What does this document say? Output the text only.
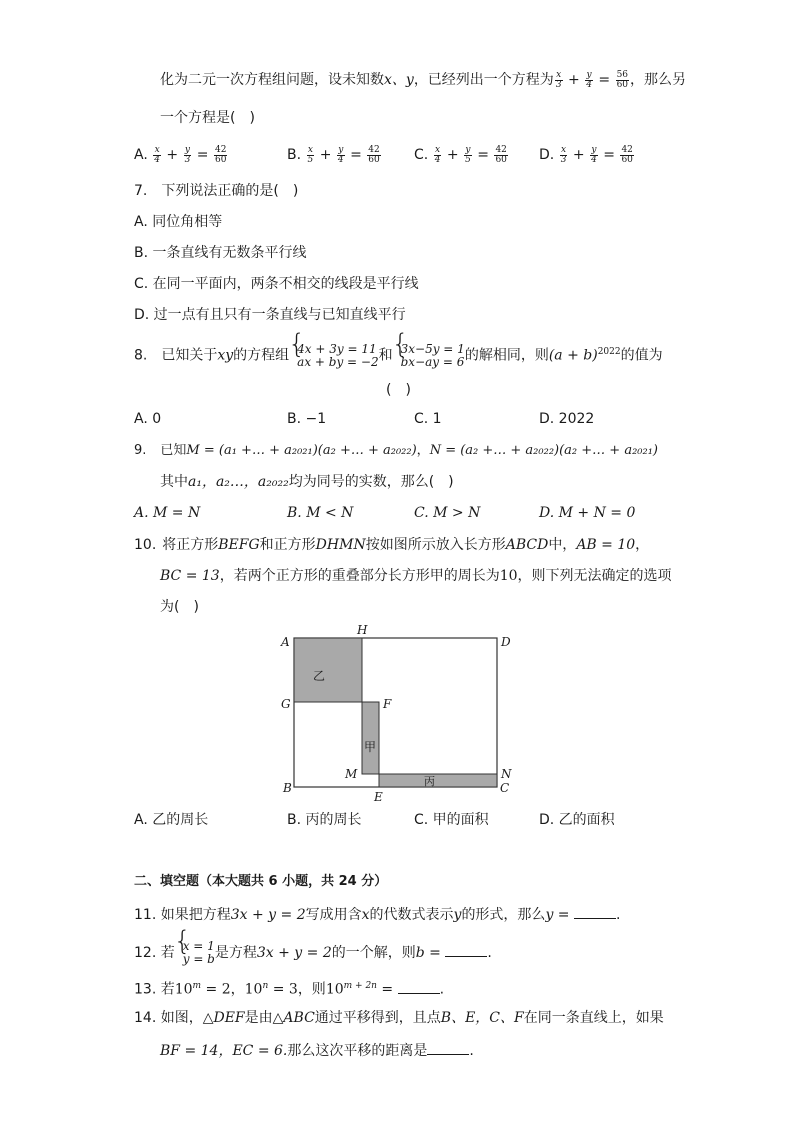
化为二元一次方程组问题，设未知数x、y，已经列出一个方程为 $\frac{x}{3} + \frac{y}{4} = \frac{56}{60}$ ，那么另
一个方程是(　)
A. $\frac{x}{4} + \frac{y}{3} = \frac{42}{60}$	B. $\frac{x}{5} + \frac{y}{4} = \frac{42}{60} C$. $\frac{x}{4} + \frac{y}{5} = \frac{42}{60} D$. $\frac{x}{3} + \frac{y}{4} = \frac{42}{60}$
7.　下列说法正确的是(　)
A. 同位角相等
B. 一条直线有无数条平行线
C. 在同一平面内，两条不相交的线段是平行线
D. 过一点有且只有一条直线与已知直线平行
8. 已知关于xy的方程组 { 4x + 3y = 11
ax + by = −2 和 { 3x−5y = 1
bx−ay = 6 的解相同，则$(a + b)^{2022}$的值为
(　)
A. 0	B. −1	C. 1	D. 2022
9. 已知M = (a₁ +… + a₂₀₂₁)(a₂ +… + a₂₀₂₂)，N = (a₂ +… + a₂₀₂₂)(a₂ +… + a₂₀₂₁)
其中a₁，a₂…，a₂₀₂₂均为同号的实数，那么(　)
A. M = N	B. M < N	C. M > N	D. M + N = 0
10. 将正方形BEFG和正方形DHMN按如图所示放入长方形ABCD中，AB = 10，
BC = 13，若两个正方形的重叠部分长方形甲的周长为10，则下列无法确定的选项
为(　)
A
H
D
G	F
M	N
B
E
C
乙
甲
丙
A. 乙的周长	B. 丙的周长	C. 甲的面积	D. 乙的面积
二、填空题（本大题共 6 小题，共 24 分）
11. 如果把方程3x + y = 2写成用含x的代数式表示y的形式，那么y =	.
12. 若 { x = 1
y = b 是方程3x + y = 2的一个解，则b =	.
13. 若$10^m = 2$，$10^n = 3$，则$10^{m + 2n}$ =	.
14. 如图，△DEF是由△ABC通过平移得到，且点B、E，C、F在同一条直线上，如果
BF = 14，EC = 6.那么这次平移的距离是	.
